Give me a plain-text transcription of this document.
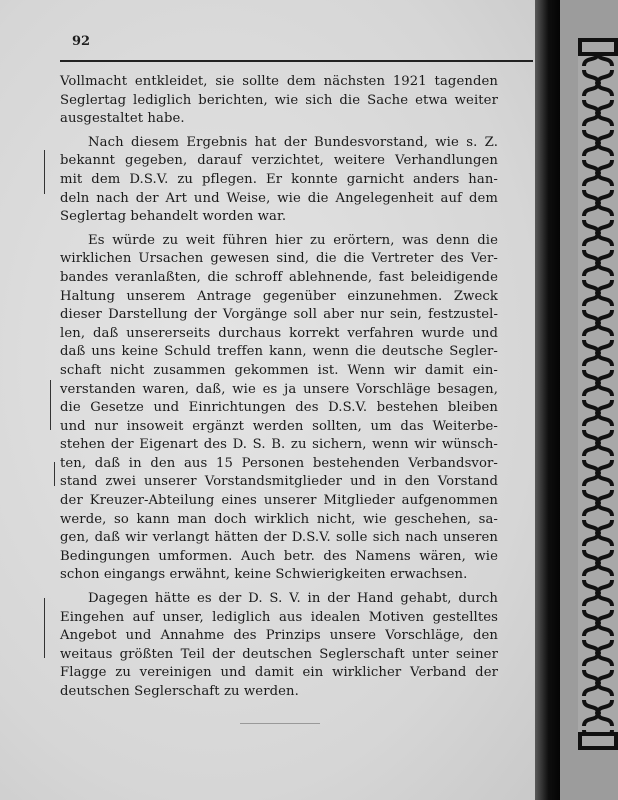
92
Vollmacht entkleidet, sie sollte dem nächsten 1921 tagenden
Seglertag lediglich berichten, wie sich die Sache etwa weiter
ausgestaltet habe.
Nach diesem Ergebnis hat der Bundesvorstand, wie s. Z.
bekannt gegeben, darauf verzichtet, weitere Verhandlungen
mit dem D.S.V. zu pflegen. Er konnte garnicht anders han-
deln nach der Art und Weise, wie die Angelegenheit auf dem
Seglertag behandelt worden war.
Es würde zu weit führen hier zu erörtern, was denn die
wirklichen Ursachen gewesen sind, die die Vertreter des Ver-
bandes veranlaßten, die schroff ablehnende, fast beleidigende
Haltung unserem Antrage gegenüber einzunehmen. Zweck
dieser Darstellung der Vorgänge soll aber nur sein, festzustel-
len, daß unsererseits durchaus korrekt verfahren wurde und
daß uns keine Schuld treffen kann, wenn die deutsche Segler-
schaft nicht zusammen gekommen ist. Wenn wir damit ein-
verstanden waren, daß, wie es ja unsere Vorschläge besagen,
die Gesetze und Einrichtungen des D.S.V. bestehen bleiben
und nur insoweit ergänzt werden sollten, um das Weiterbe-
stehen der Eigenart des D. S. B. zu sichern, wenn wir wünsch-
ten, daß in den aus 15 Personen bestehenden Verbandsvor-
stand zwei unserer Vorstandsmitglieder und in den Vorstand
der Kreuzer-Abteilung eines unserer Mitglieder aufgenommen
werde, so kann man doch wirklich nicht, wie geschehen, sa-
gen, daß wir verlangt hätten der D.S.V. solle sich nach unseren
Bedingungen umformen. Auch betr. des Namens wären, wie
schon eingangs erwähnt, keine Schwierigkeiten erwachsen.
Dagegen hätte es der D. S. V. in der Hand gehabt, durch
Eingehen auf unser, lediglich aus idealen Motiven gestelltes
Angebot und Annahme des Prinzips unsere Vorschläge, den
weitaus größten Teil der deutschen Seglerschaft unter seiner
Flagge zu vereinigen und damit ein wirklicher Verband der
deutschen Seglerschaft zu werden.
